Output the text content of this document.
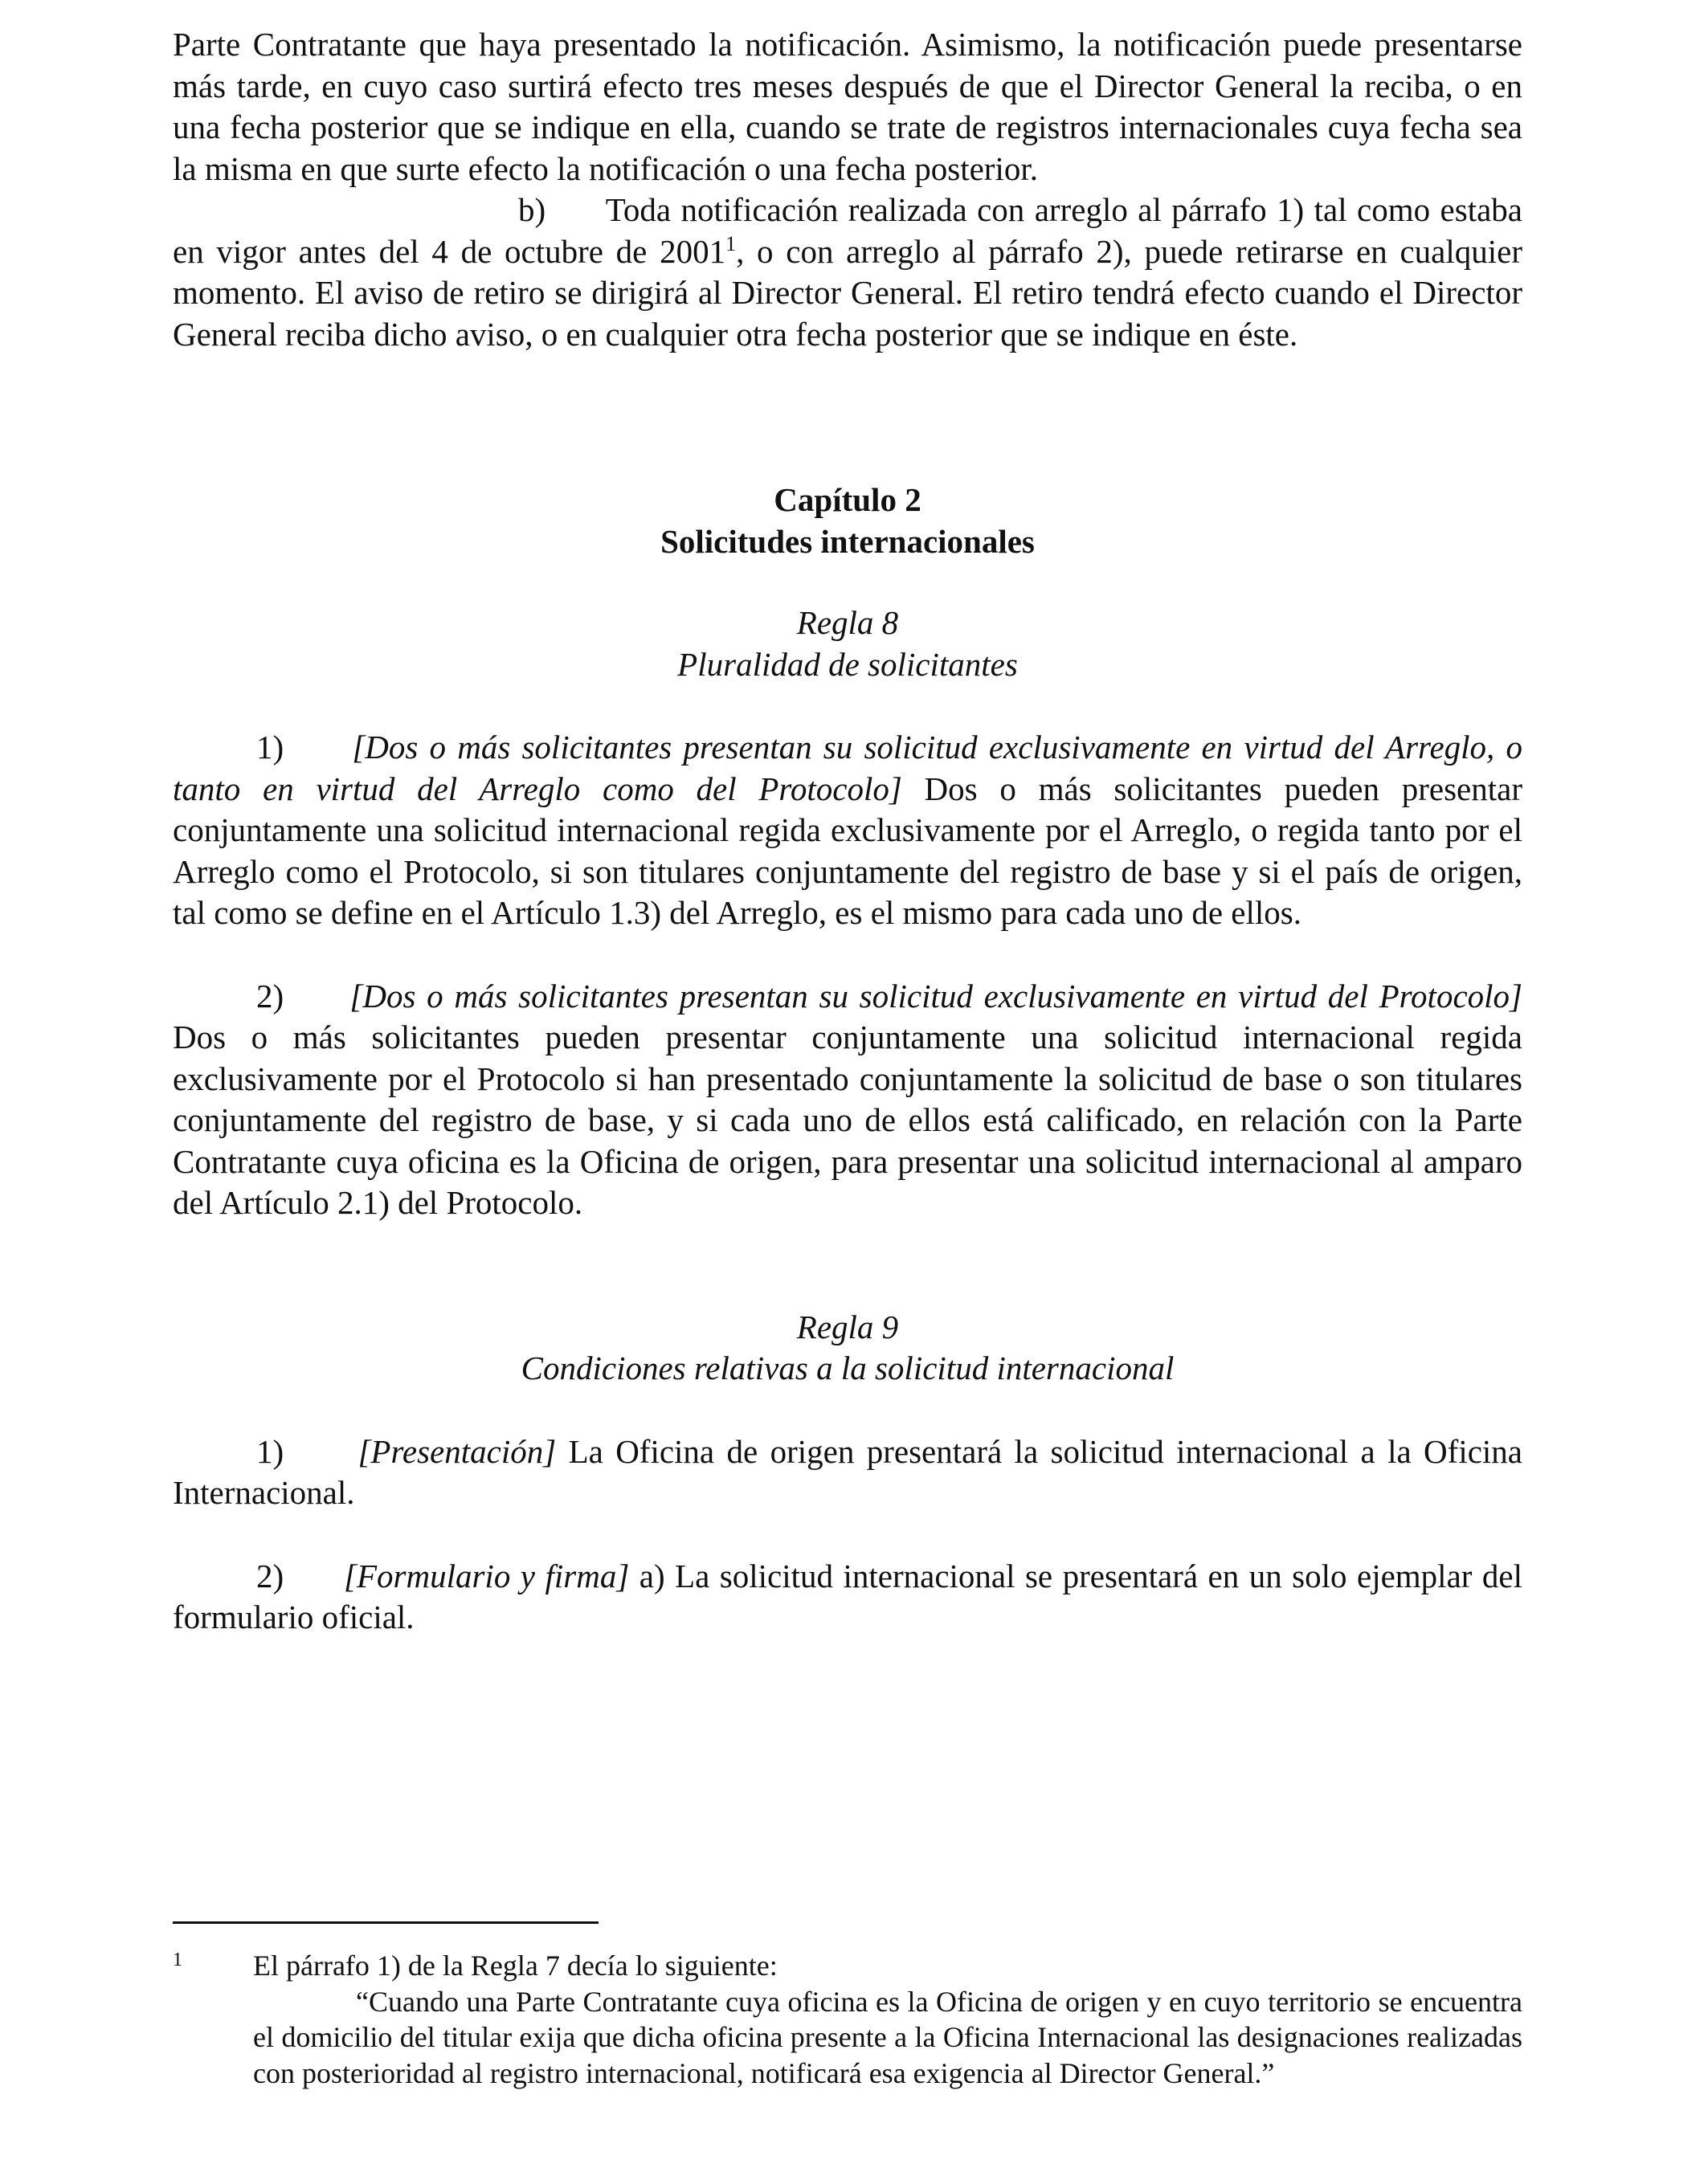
Parte Contratante que haya presentado la notificación. Asimismo, la notificación puede presentarse más tarde, en cuyo caso surtirá efecto tres meses después de que el Director General la reciba, o en una fecha posterior que se indique en ella, cuando se trate de registros internacionales cuya fecha sea la misma en que surte efecto la notificación o una fecha posterior.

b) Toda notificación realizada con arreglo al párrafo 1) tal como estaba en vigor antes del 4 de octubre de 2001$^1$, o con arreglo al párrafo 2), puede retirarse en cualquier momento. El aviso de retiro se dirigirá al Director General. El retiro tendrá efecto cuando el Director General reciba dicho aviso, o en cualquier otra fecha posterior que se indique en éste.

Capítulo 2

Solicitudes internacionales

Regla 8

Pluralidad de solicitantes

1) [Dos o más solicitantes presentan su solicitud exclusivamente en virtud del Arreglo, o tanto en virtud del Arreglo como del Protocolo] Dos o más solicitantes pueden presentar conjuntamente una solicitud internacional regida exclusivamente por el Arreglo, o regida tanto por el Arreglo como el Protocolo, si son titulares conjuntamente del registro de base y si el país de origen, tal como se define en el Artículo 1.3) del Arreglo, es el mismo para cada uno de ellos.

2) [Dos o más solicitantes presentan su solicitud exclusivamente en virtud del Protocolo] Dos o más solicitantes pueden presentar conjuntamente una solicitud internacional regida exclusivamente por el Protocolo si han presentado conjuntamente la solicitud de base o son titulares conjuntamente del registro de base, y si cada uno de ellos está calificado, en relación con la Parte Contratante cuya oficina es la Oficina de origen, para presentar una solicitud internacional al amparo del Artículo 2.1) del Protocolo.

Regla 9

Condiciones relativas a la solicitud internacional

1) [Presentación] La Oficina de origen presentará la solicitud internacional a la Oficina Internacional.

2) [Formulario y firma] a) La solicitud internacional se presentará en un solo ejemplar del formulario oficial.

1	El párrafo 1) de la Regla 7 decía lo siguiente:

“Cuando una Parte Contratante cuya oficina es la Oficina de origen y en cuyo territorio se encuentra el domicilio del titular exija que dicha oficina presente a la Oficina Internacional las designaciones realizadas con posterioridad al registro internacional, notificará esa exigencia al Director General.”
